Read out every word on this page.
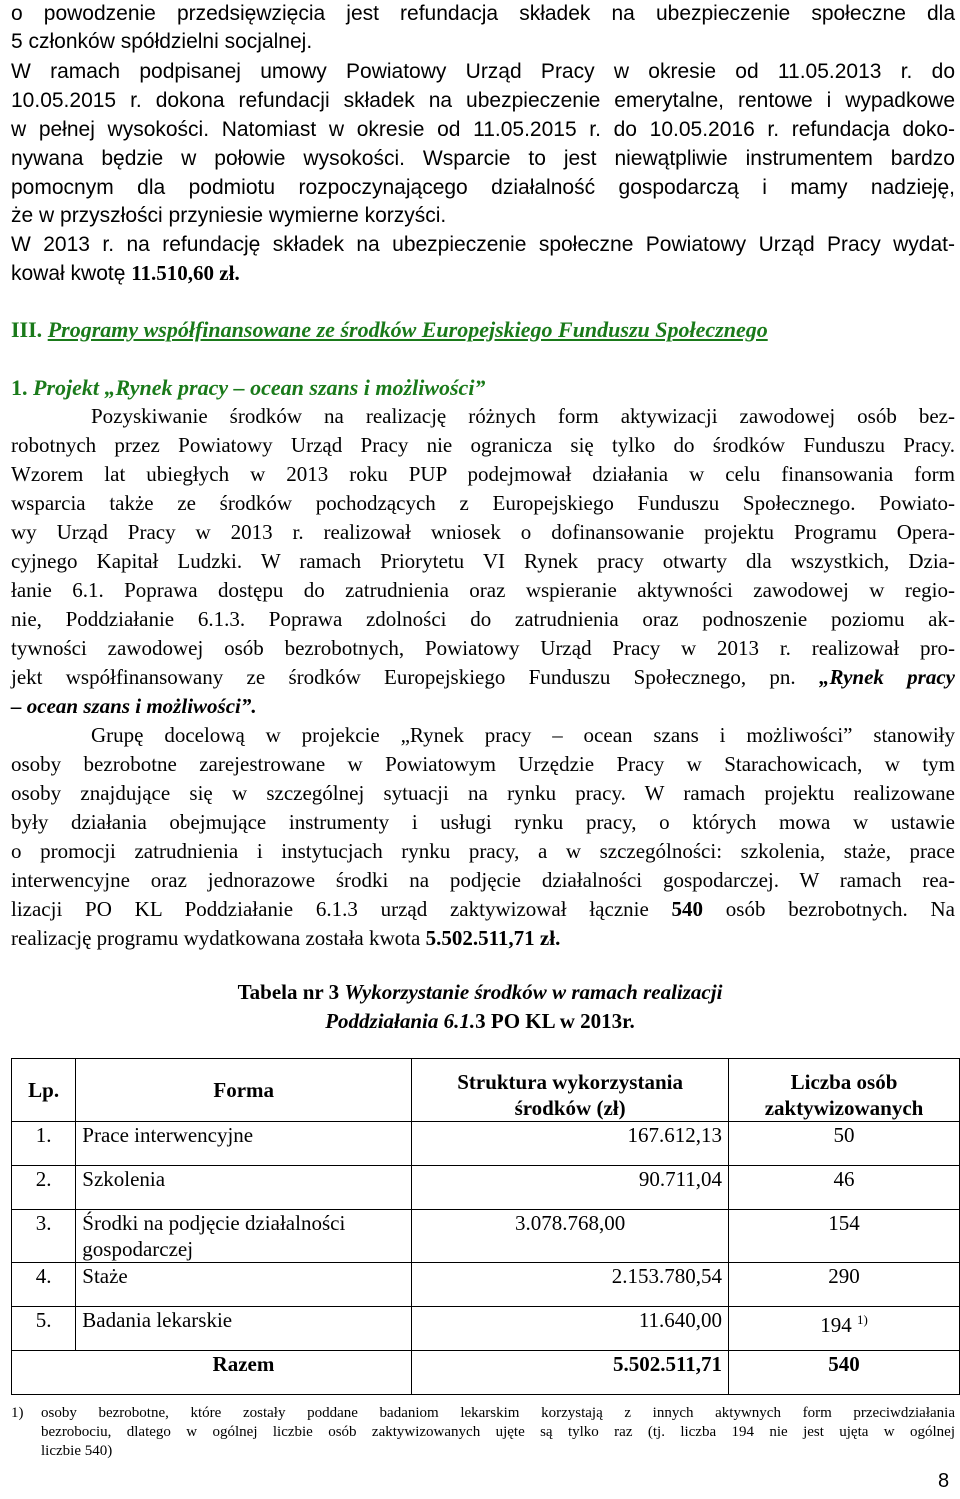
o powodzenie przedsięwzięcia jest refundacja składek na ubezpieczenie społeczne dla
5 członków spółdzielni socjalnej.
W ramach podpisanej umowy Powiatowy Urząd Pracy w okresie od 11.05.2013 r. do
10.05.2015 r. dokona refundacji składek na ubezpieczenie emerytalne, rentowe i wypadkowe
w pełnej wysokości. Natomiast w okresie od 11.05.2015 r. do 10.05.2016 r. refundacja doko-
nywana będzie w połowie wysokości. Wsparcie to jest niewątpliwie instrumentem bardzo
pomocnym dla podmiotu rozpoczynającego działalność gospodarczą i mamy nadzieję,
że w przyszłości przyniesie wymierne korzyści.
W 2013 r. na refundację składek na ubezpieczenie społeczne Powiatowy Urząd Pracy wydat-
kował kwotę 11.510,60 zł.
III. Programy współfinansowane ze środków Europejskiego Funduszu Społecznego
1. Projekt „Rynek pracy – ocean szans i możliwości”
Pozyskiwanie środków na realizację różnych form aktywizacji zawodowej osób bez-
robotnych przez Powiatowy Urząd Pracy nie ogranicza się tylko do środków Funduszu Pracy.
Wzorem lat ubiegłych w 2013 roku PUP podejmował działania w celu finansowania form
wsparcia także ze środków pochodzących z Europejskiego Funduszu Społecznego. Powiato-
wy Urząd Pracy w 2013 r. realizował wniosek o dofinansowanie projektu Programu Opera-
cyjnego Kapitał Ludzki. W ramach Priorytetu VI Rynek pracy otwarty dla wszystkich, Dzia-
łanie 6.1. Poprawa dostępu do zatrudnienia oraz wspieranie aktywności zawodowej w regio-
nie, Poddziałanie 6.1.3. Poprawa zdolności do zatrudnienia oraz podnoszenie poziomu ak-
tywności zawodowej osób bezrobotnych, Powiatowy Urząd Pracy w 2013 r. realizował pro-
jekt współfinansowany ze środków Europejskiego Funduszu Społecznego, pn. „Rynek pracy
– ocean szans i możliwości”.
Grupę docelową w projekcie „Rynek pracy – ocean szans i możliwości” stanowiły
osoby bezrobotne zarejestrowane w Powiatowym Urzędzie Pracy w Starachowicach, w tym
osoby znajdujące się w szczególnej sytuacji na rynku pracy. W ramach projektu realizowane
były działania obejmujące instrumenty i usługi rynku pracy, o których mowa w ustawie
o promocji zatrudnienia i instytucjach rynku pracy, a w szczególności: szkolenia, staże, prace
interwencyjne oraz jednorazowe środki na podjęcie działalności gospodarczej. W ramach rea-
lizacji PO KL Poddziałanie 6.1.3 urząd zaktywizował łącznie 540 osób bezrobotnych. Na
realizację programu wydatkowana została kwota 5.502.511,71 zł.
Tabela nr 3 Wykorzystanie środków w ramach realizacji
Poddziałania 6.1.3 PO KL w 2013r.
Lp.	Forma	Struktura wykorzystania środków (zł)	Liczba osób zaktywizowanych
1.	Prace interwencyjne	167.612,13	50
2.	Szkolenia	90.711,04	46
3.	Środki na podjęcie działalności gospodarczej	3.078.768,00	154
4.	Staże	2.153.780,54	290
5.	Badania lekarskie	11.640,00	194 $^{1)}$
	Razem	5.502.511,71	540
1)	osoby bezrobotne, które zostały poddane badaniom lekarskim korzystają z innych aktywnych form przeciwdziałania
bezrobociu, dlatego w ogólnej liczbie osób zaktywizowanych ujęte są tylko raz (tj. liczba 194 nie jest ujęta w ogólnej
liczbie 540)
8
